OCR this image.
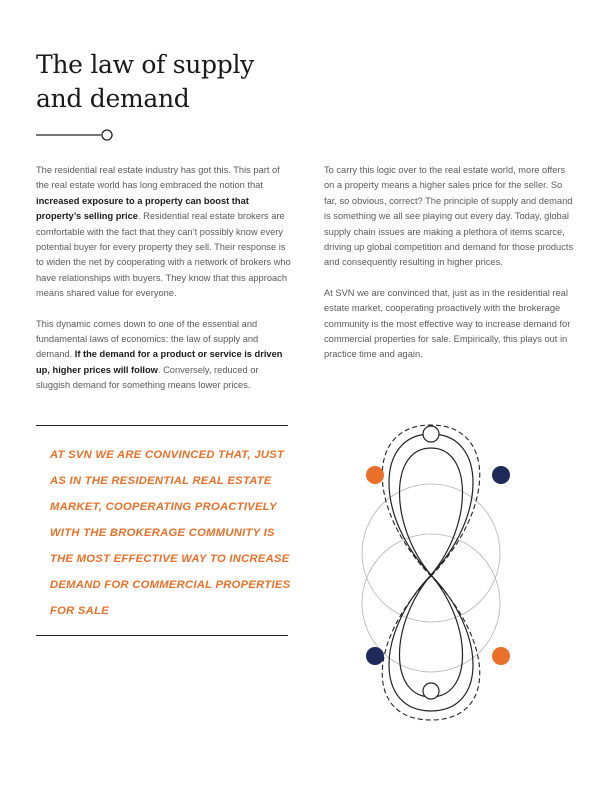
The law of supply and demand

The residential real estate industry has got this. This part of the real estate world has long embraced the notion that increased exposure to a property can boost that property’s selling price. Residential real estate brokers are comfortable with the fact that they can’t possibly know every potential buyer for every property they sell. Their response is to widen the net by cooperating with a network of brokers who have relationships with buyers. They know that this approach means shared value for everyone.

This dynamic comes down to one of the essential and fundamental laws of economics: the law of supply and demand. If the demand for a product or service is driven up, higher prices will follow. Conversely, reduced or sluggish demand for something means lower prices.

To carry this logic over to the real estate world, more offers on a property means a higher sales price for the seller. So far, so obvious, correct? The principle of supply and demand is something we all see playing out every day. Today, global supply chain issues are making a plethora of items scarce, driving up global competition and demand for those products and consequently resulting in higher prices.

At SVN we are convinced that, just as in the residential real estate market, cooperating proactively with the brokerage community is the most effective way to increase demand for commercial properties for sale. Empirically, this plays out in practice time and again.

AT SVN WE ARE CONVINCED THAT, JUST AS IN THE RESIDENTIAL REAL ESTATE MARKET, COOPERATING PROACTIVELY WITH THE BROKERAGE COMMUNITY IS THE MOST EFFECTIVE WAY TO INCREASE DEMAND FOR COMMERCIAL PROPERTIES FOR SALE
